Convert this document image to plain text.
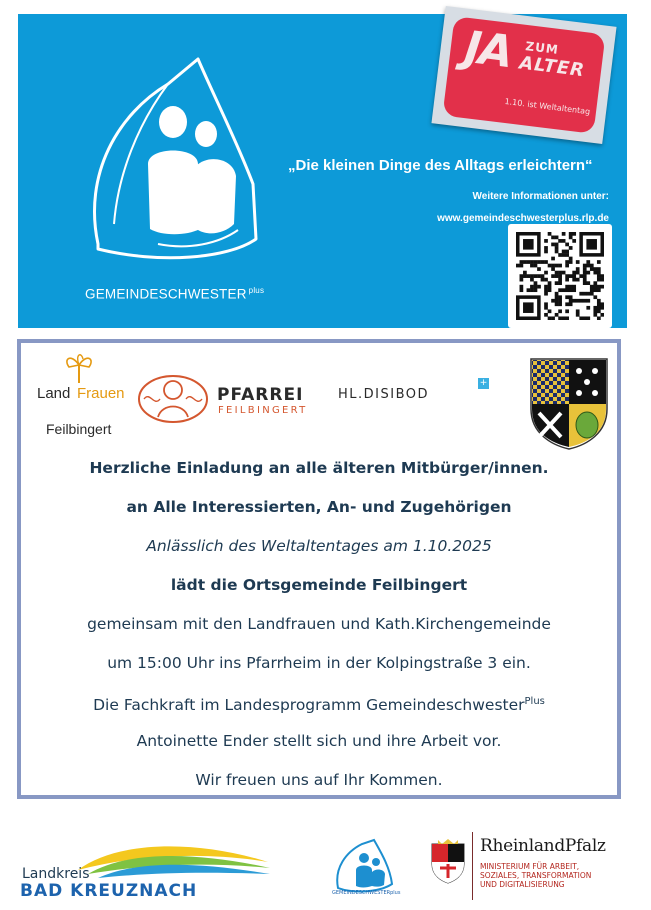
GEMEINDESCHWESTER $^{plus}$
JA ZUM
ALTER
1.10. ist Weltaltentag
„Die kleinen Dinge des Alltags erleichtern“
Weitere Informationen unter:
www.gemeindeschwesterplus.rlp.de
Land Frauen
Feilbingert
PFARREI
FEILBINGERT
HL.DISIBOD
+
Herzliche Einladung an alle älteren Mitbürger/innen.
an Alle Interessierten, An- und Zugehörigen
Anlässlich des Weltaltentages am 1.10.2025
lädt die Ortsgemeinde Feilbingert
gemeinsam mit den Landfrauen und Kath.Kirchengemeinde
um 15:00 Uhr ins Pfarrheim in der Kolpingstraße 3 ein.
Die Fachkraft im Landesprogramm Gemeindeschwester$^{Plus}$
Antoinette Ender stellt sich und ihre Arbeit vor.
Wir freuen uns auf Ihr Kommen.
Landkreis
BAD KREUZNACH	GEMEINDESCHWESTERplus
RheinlandPfalz
MINISTERIUM FÜR ARBEIT,
SOZIALES, TRANSFORMATION
UND DIGITALISIERUNG
